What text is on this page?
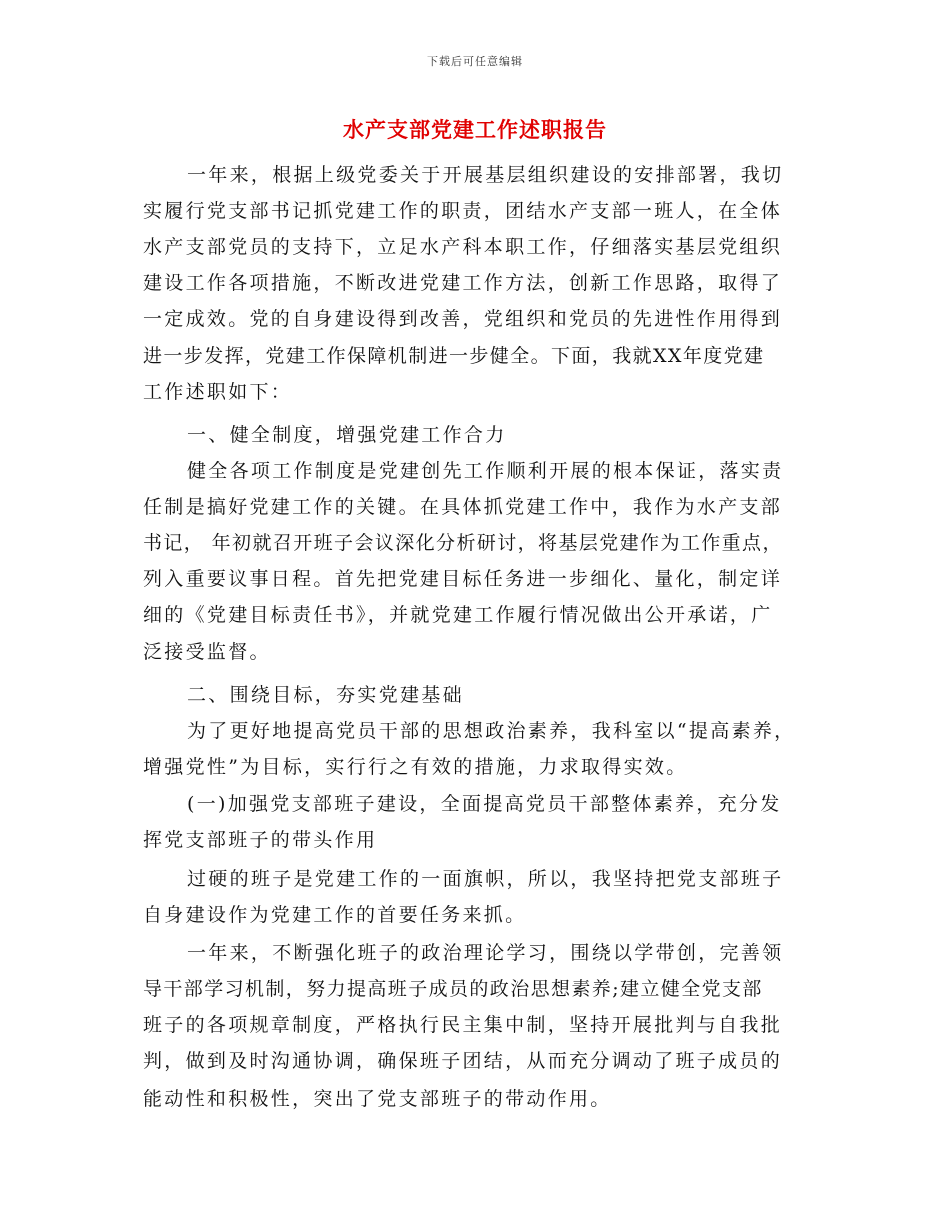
下载后可任意编辑
水产支部党建工作述职报告
一年来，根据上级党委关于开展基层组织建设的安排部署，我切
实履行党支部书记抓党建工作的职责，团结水产支部一班人，在全体
水产支部党员的支持下，立足水产科本职工作，仔细落实基层党组织
建设工作各项措施，不断改进党建工作方法，创新工作思路，取得了
一定成效。党的自身建设得到改善，党组织和党员的先进性作用得到
进一步发挥，党建工作保障机制进一步健全。下面，我就XX年度党建
工作述职如下：
一、健全制度，增强党建工作合力
健全各项工作制度是党建创先工作顺利开展的根本保证，落实责
任制是搞好党建工作的关键。在具体抓党建工作中，我作为水产支部
书记， 年初就召开班子会议深化分析研讨，将基层党建作为工作重点，
列入重要议事日程。首先把党建目标任务进一步细化、量化，制定详
细的《党建目标责任书》，并就党建工作履行情况做出公开承诺，广
泛接受监督。
二、围绕目标，夯实党建基础
为了更好地提高党员干部的思想政治素养，我科室以“提高素养，
增强党性”为目标，实行行之有效的措施，力求取得实效。
(一)加强党支部班子建设，全面提高党员干部整体素养，充分发
挥党支部班子的带头作用
过硬的班子是党建工作的一面旗帜，所以，我坚持把党支部班子
自身建设作为党建工作的首要任务来抓。
一年来，不断强化班子的政治理论学习，围绕以学带创，完善领
导干部学习机制，努力提高班子成员的政治思想素养;建立健全党支部
班子的各项规章制度，严格执行民主集中制，坚持开展批判与自我批
判，做到及时沟通协调，确保班子团结，从而充分调动了班子成员的
能动性和积极性，突出了党支部班子的带动作用。
